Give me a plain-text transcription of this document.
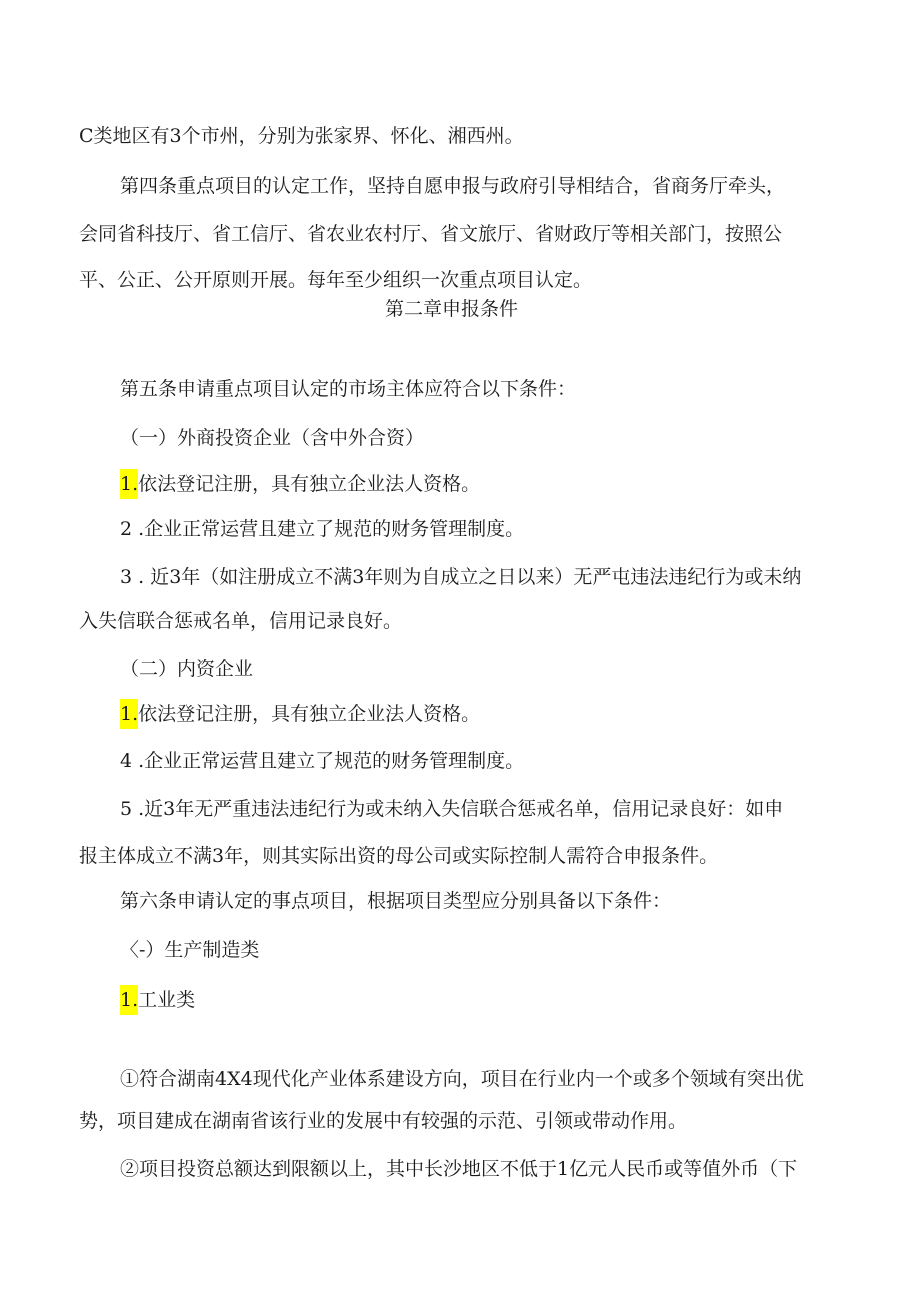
C类地区有3个市州，分别为张家界、怀化、湘西州。
第四条重点项目的认定工作，坚持自愿申报与政府引导相结合，省商务厅牵头，
会同省科技厅、省工信厅、省农业农村厅、省文旅厅、省财政厅等相关部门，按照公
平、公正、公开原则开展。每年至少组织一次重点项目认定。
第二章申报条件
第五条申请重点项目认定的市场主体应符合以下条件：
（一）外商投资企业（含中外合资）
1.依法登记注册，具有独立企业法人资格。
2 .企业正常运营且建立了规范的财务管理制度。
3 . 近3年（如注册成立不满3年则为自成立之日以来）无严屯违法违纪行为或未纳
入失信联合惩戒名单，信用记录良好。
（二）内资企业
1.依法登记注册，具有独立企业法人资格。
4 .企业正常运营且建立了规范的财务管理制度。
5 .近3年无严重违法违纪行为或未纳入失信联合惩戒名单，信用记录良好：如申
报主体成立不满3年，则其实际出资的母公司或实际控制人需符合申报条件。
第六条申请认定的事点项目，根据项目类型应分别具备以下条件：
〈-）生产制造类
1.工业类
①符合湖南4X4现代化产业体系建设方向，项目在行业内一个或多个领域有突出优
势，项目建成在湖南省该行业的发展中有较强的示范、引领或带动作用。
②项目投资总额达到限额以上，其中长沙地区不低于1亿元人民币或等值外币（下
